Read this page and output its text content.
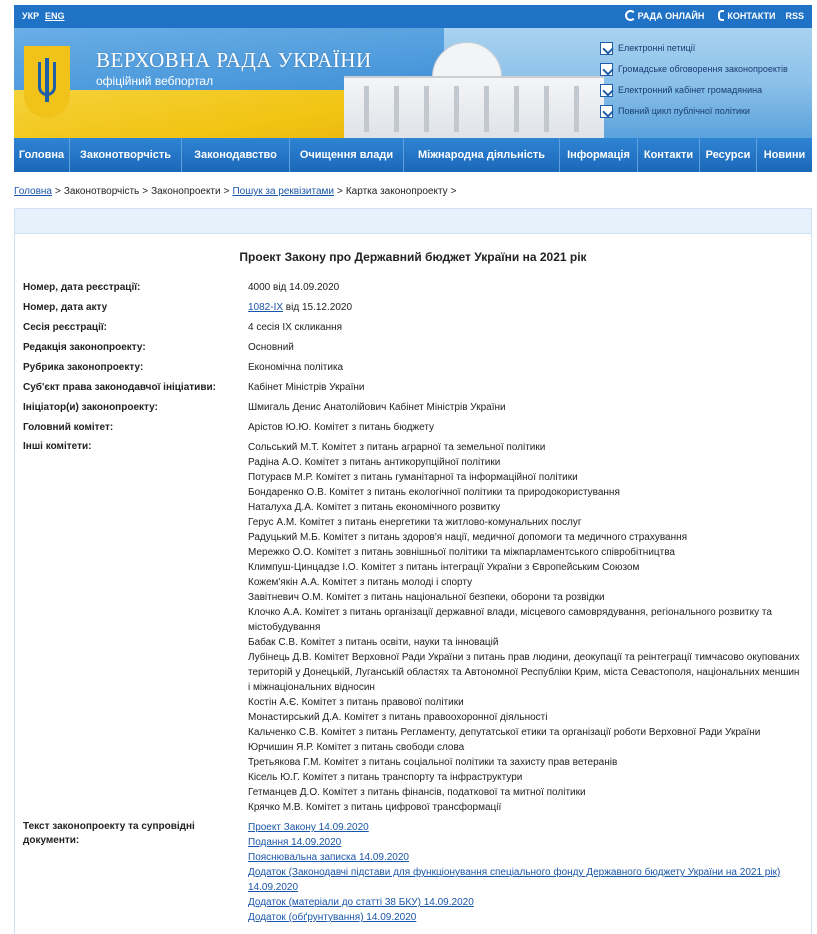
УКР ENG	РАДА ОНЛАЙН	КОНТАКТИ RSS
ВЕРХОВНА РАДА УКРАЇНИ
офіційний вебпортал
Електронні петиції
Громадське обговорення законопроектів
Електронний кабінет громадянина
Повний цикл публічної політики
Головна	Законотворчість	Законодавство	Очищення влади	Міжнародна діяльність	Інформація	Контакти	Ресурси	Новини
Головна > Законотворчість > Законопроекти > Пошук за реквізитами > Картка законопроекту >
Проект Закону про Державний бюджет України на 2021 рік
Номер, дата реєстрації:	4000 від 14.09.2020
Номер, дата акту	1082-IX від 15.12.2020
Сесія реєстрації:	4 сесія IX скликання
Редакція законопроекту:	Основний
Рубрика законопроекту:	Економічна політика
Суб'єкт права законодавчої ініціативи:	Кабінет Міністрів України
Ініціатор(и) законопроекту:	Шмигаль Денис Анатолійович Кабінет Міністрів України
Головний комітет:	Арістов Ю.Ю. Комітет з питань бюджету
Інші комітети:	Сольський М.Т. Комітет з питань аграрної та земельної політики
Радіна А.О. Комітет з питань антикорупційної політики
Потураєв М.Р. Комітет з питань гуманітарної та інформаційної політики
Бондаренко О.В. Комітет з питань екологічної політики та природокористування
Наталуха Д.А. Комітет з питань економічного розвитку
Герус А.М. Комітет з питань енергетики та житлово-комунальних послуг
Радуцький М.Б. Комітет з питань здоров'я нації, медичної допомоги та медичного страхування
Мережко О.О. Комітет з питань зовнішньої політики та міжпарламентського співробітництва
Климпуш-Цинцадзе І.О. Комітет з питань інтеграції України з Європейським Союзом
Кожем'якін А.А. Комітет з питань молоді і спорту
Завітневич О.М. Комітет з питань національної безпеки, оборони та розвідки
Клочко А.А. Комітет з питань організації державної влади, місцевого самоврядування, регіонального розвитку та містобудування
Бабак С.В. Комітет з питань освіти, науки та інновацій
Лубінець Д.В. Комітет Верховної Ради України з питань прав людини, деокупації та реінтеграції тимчасово окупованих територій у Донецькій, Луганській областях та Автономної Республіки Крим, міста Севастополя, національних меншин і міжнаціональних відносин
Костін А.Є. Комітет з питань правової політики
Монастирський Д.А. Комітет з питань правоохоронної діяльності
Кальченко С.В. Комітет з питань Регламенту, депутатської етики та організації роботи Верховної Ради України
Юрчишин Я.Р. Комітет з питань свободи слова
Третьякова Г.М. Комітет з питань соціальної політики та захисту прав ветеранів
Кісель Ю.Г. Комітет з питань транспорту та інфраструктури
Гетманцев Д.О. Комітет з питань фінансів, податкової та митної політики
Крячко М.В. Комітет з питань цифрової трансформації
Текст законопроекту та супровідні документи:
Проект Закону 14.09.2020
Подання 14.09.2020
Пояснювальна записка 14.09.2020
Додаток (Законодавчі підстави для функціонування спеціального фонду Державного бюджету України на 2021 рік) 14.09.2020
Додаток (матеріали до статті 38 БКУ) 14.09.2020
Додаток (обґрунтування) 14.09.2020
